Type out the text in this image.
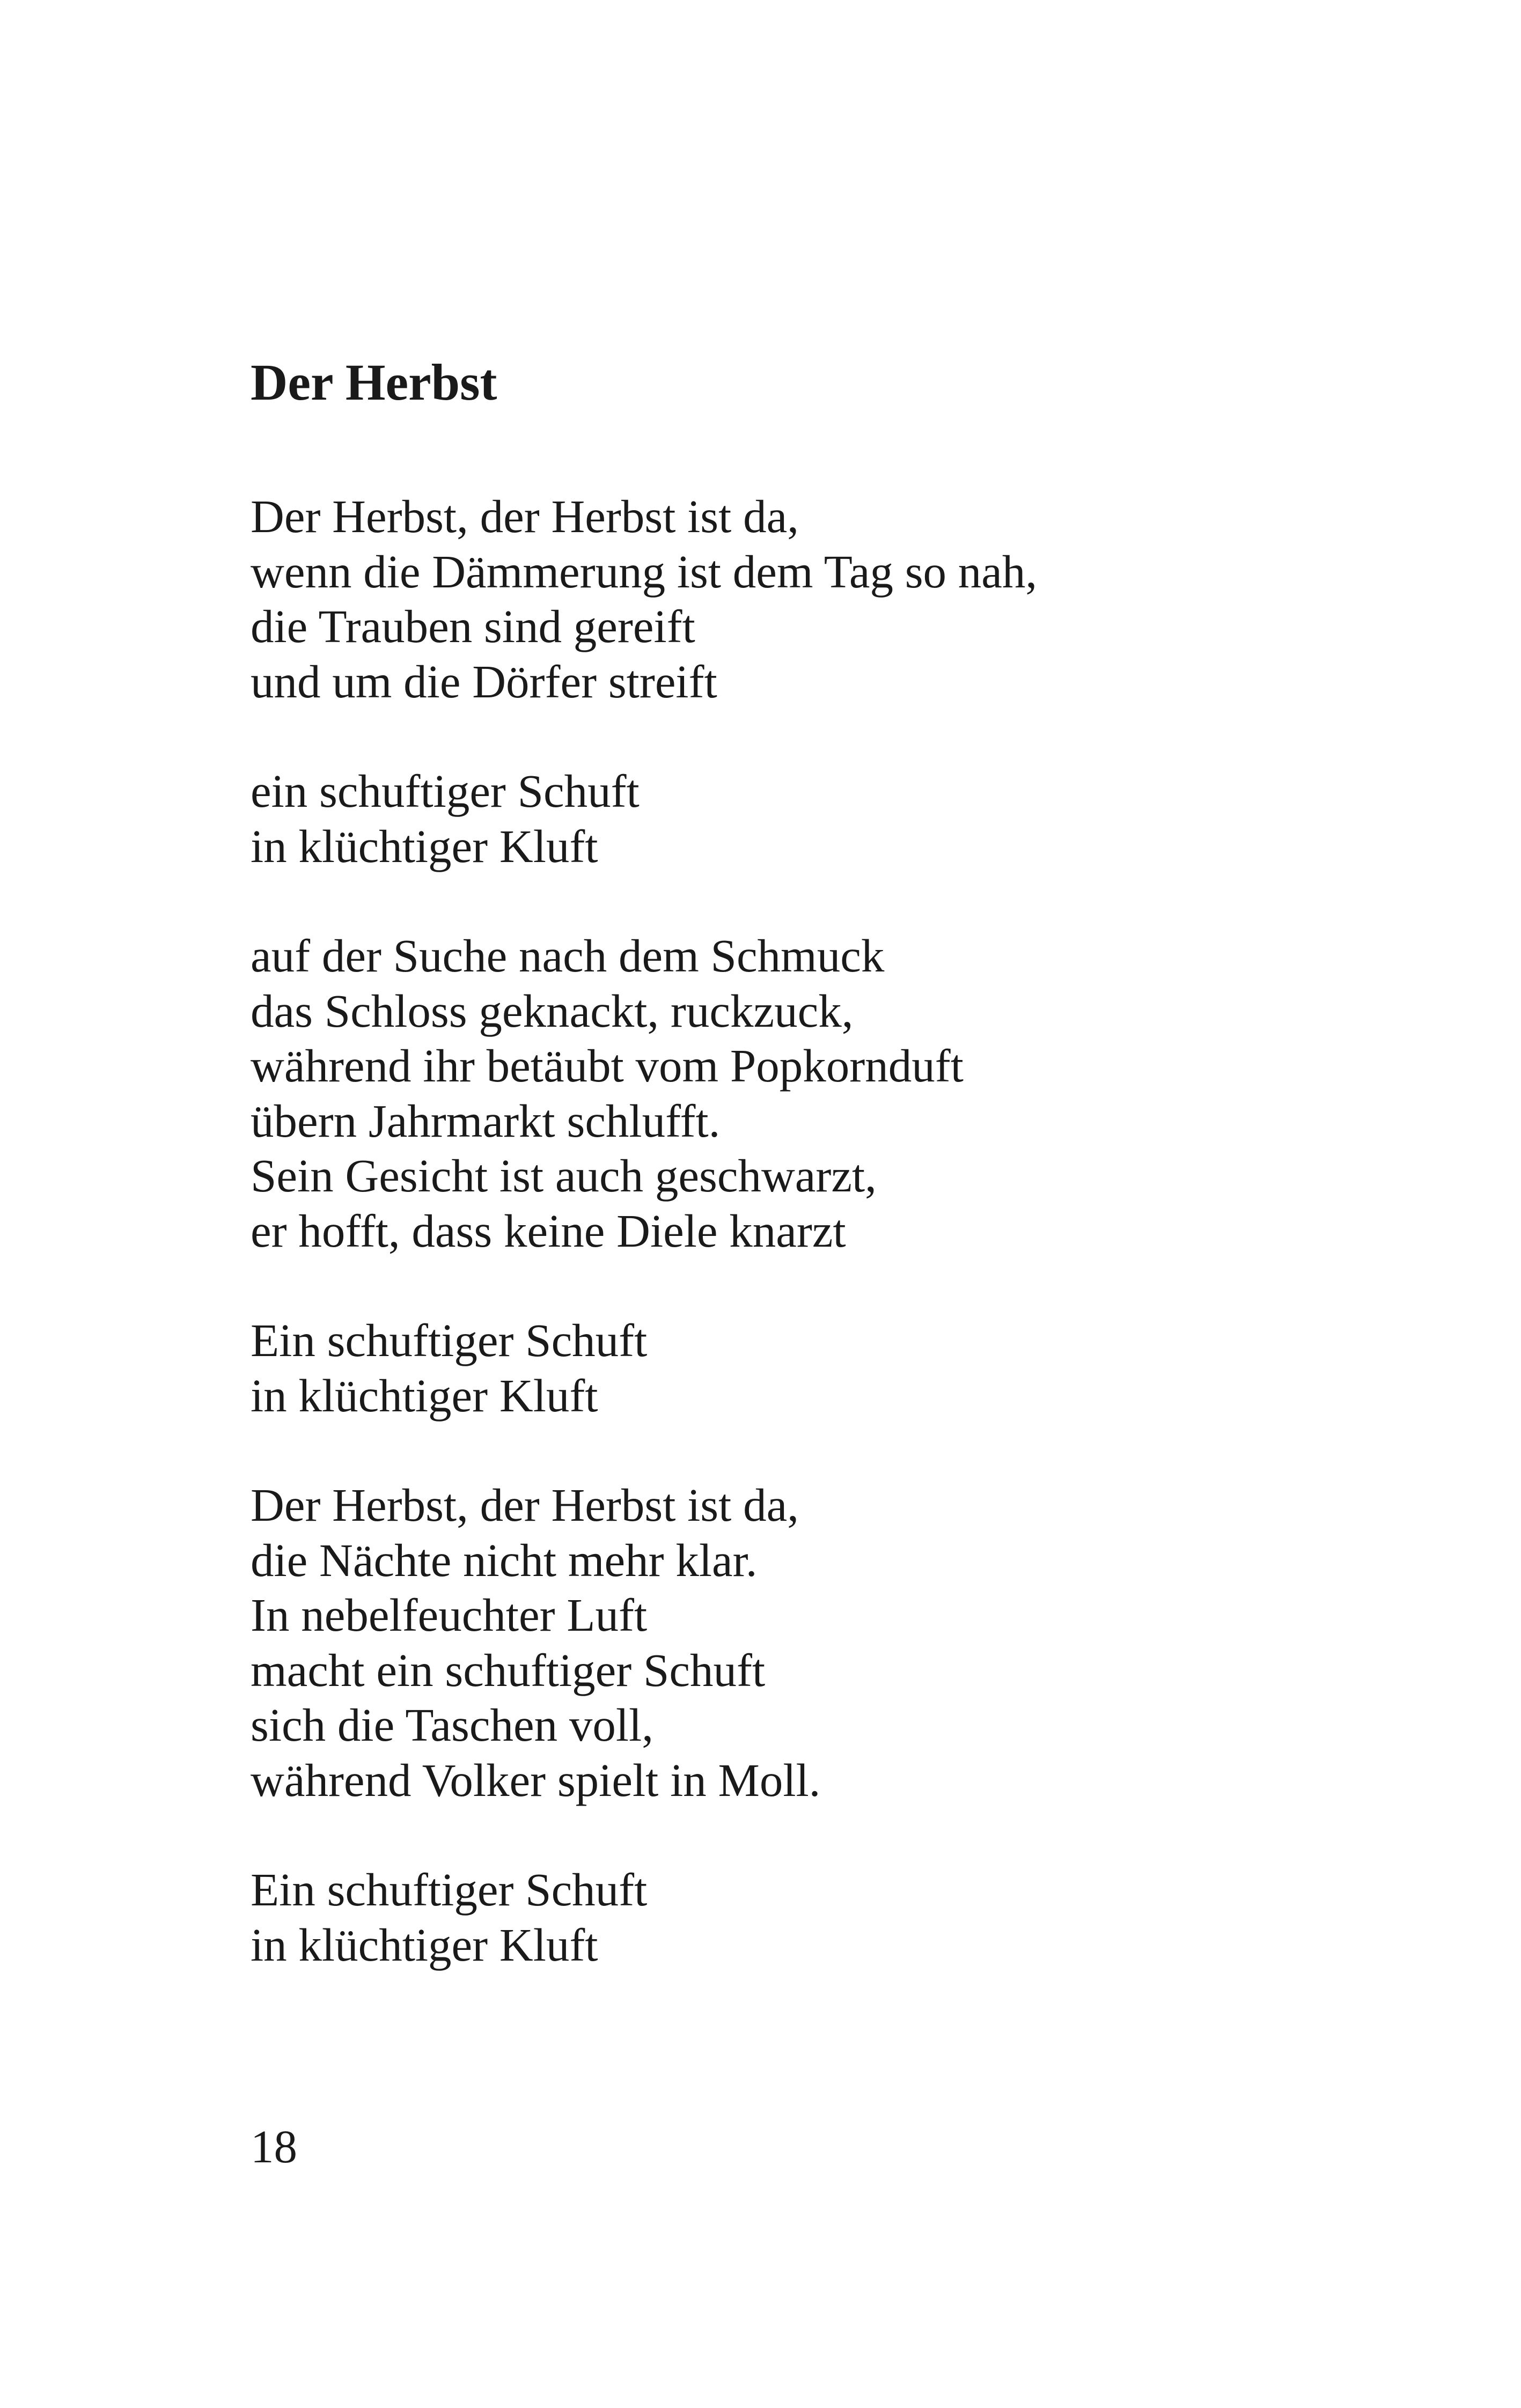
Der Herbst
Der Herbst, der Herbst ist da,
wenn die Dämmerung ist dem Tag so nah,
die Trauben sind gereift
und um die Dörfer streift
ein schuftiger Schuft
in klüchtiger Kluft
auf der Suche nach dem Schmuck
das Schloss geknackt, ruckzuck,
während ihr betäubt vom Popkornduft
übern Jahrmarkt schlufft.
Sein Gesicht ist auch geschwarzt,
er hofft, dass keine Diele knarzt
Ein schuftiger Schuft
in klüchtiger Kluft
Der Herbst, der Herbst ist da,
die Nächte nicht mehr klar.
In nebelfeuchter Luft
macht ein schuftiger Schuft
sich die Taschen voll,
während Volker spielt in Moll.
Ein schuftiger Schuft
in klüchtiger Kluft
18
